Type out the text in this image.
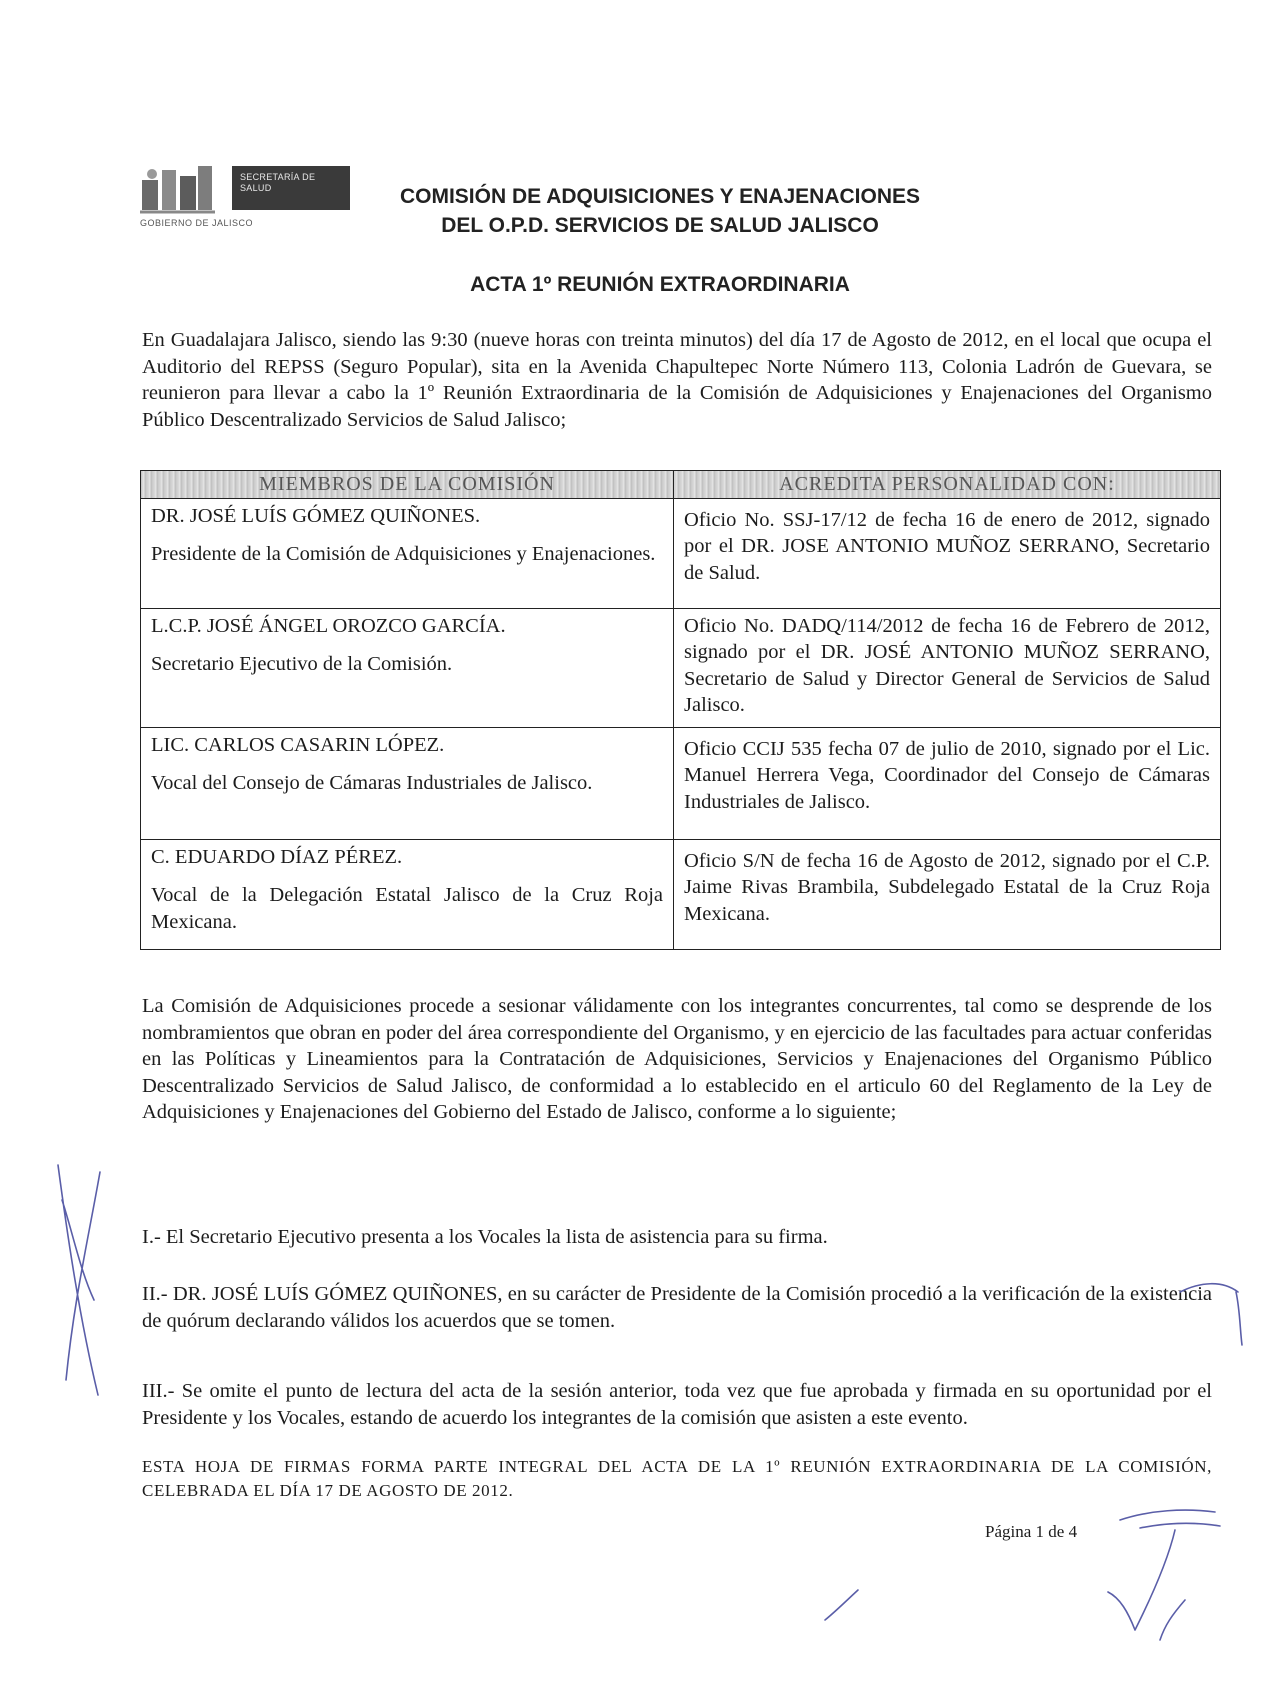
SECRETARÍA DE
SALUD
GOBIERNO DE JALISCO
COMISIÓN DE ADQUISICIONES Y ENAJENACIONES
DEL O.P.D. SERVICIOS DE SALUD JALISCO
ACTA 1º REUNIÓN EXTRAORDINARIA
En Guadalajara Jalisco, siendo las 9:30 (nueve horas con treinta minutos) del día 17 de Agosto de 2012, en el local que ocupa el Auditorio del REPSS (Seguro Popular), sita en la Avenida Chapultepec Norte Número 113, Colonia Ladrón de Guevara, se reunieron para llevar a cabo la 1º Reunión Extraordinaria de la Comisión de Adquisiciones y Enajenaciones del Organismo Público Descentralizado Servicios de Salud Jalisco;
MIEMBROS DE LA COMISIÓN	ACREDITA PERSONALIDAD CON:

DR. JOSÉ LUÍS GÓMEZ QUIÑONES.
Presidente de la Comisión de Adquisiciones y Enajenaciones.	Oficio No. SSJ-17/12 de fecha 16 de enero de 2012, signado por el DR. JOSE ANTONIO MUÑOZ SERRANO, Secretario de Salud.

L.C.P. JOSÉ ÁNGEL OROZCO GARCÍA.
Secretario Ejecutivo de la Comisión.	Oficio No. DADQ/114/2012 de fecha 16 de Febrero de 2012, signado por el DR. JOSÉ ANTONIO MUÑOZ SERRANO, Secretario de Salud y Director General de Servicios de Salud Jalisco.

LIC. CARLOS CASARIN LÓPEZ.
Vocal del Consejo de Cámaras Industriales de Jalisco.	Oficio CCIJ 535 fecha 07 de julio de 2010, signado por el Lic. Manuel Herrera Vega, Coordinador del Consejo de Cámaras Industriales de Jalisco.

C. EDUARDO DÍAZ PÉREZ.
Vocal de la Delegación Estatal Jalisco de la Cruz Roja Mexicana.	Oficio S/N de fecha 16 de Agosto de 2012, signado por el C.P. Jaime Rivas Brambila, Subdelegado Estatal de la Cruz Roja Mexicana.
La Comisión de Adquisiciones procede a sesionar válidamente con los integrantes concurrentes, tal como se desprende de los nombramientos que obran en poder del área correspondiente del Organismo, y en ejercicio de las facultades para actuar conferidas en las Políticas y Lineamientos para la Contratación de Adquisiciones, Servicios y Enajenaciones del Organismo Público Descentralizado Servicios de Salud Jalisco, de conformidad a lo establecido en el articulo 60 del Reglamento de la Ley de Adquisiciones y Enajenaciones del Gobierno del Estado de Jalisco, conforme a lo siguiente;
I.- El Secretario Ejecutivo presenta a los Vocales la lista de asistencia para su firma.
II.- DR. JOSÉ LUÍS GÓMEZ QUIÑONES, en su carácter de Presidente de la Comisión procedió a la verificación de la existencia de quórum declarando válidos los acuerdos que se tomen.
III.- Se omite el punto de lectura del acta de la sesión anterior, toda vez que fue aprobada y firmada en su oportunidad por el Presidente y los Vocales, estando de acuerdo los integrantes de la comisión que asisten a este evento.
ESTA HOJA DE FIRMAS FORMA PARTE INTEGRAL DEL ACTA DE LA 1º REUNIÓN EXTRAORDINARIA DE LA COMISIÓN, CELEBRADA EL DÍA 17 DE AGOSTO DE 2012.
Página 1 de 4
